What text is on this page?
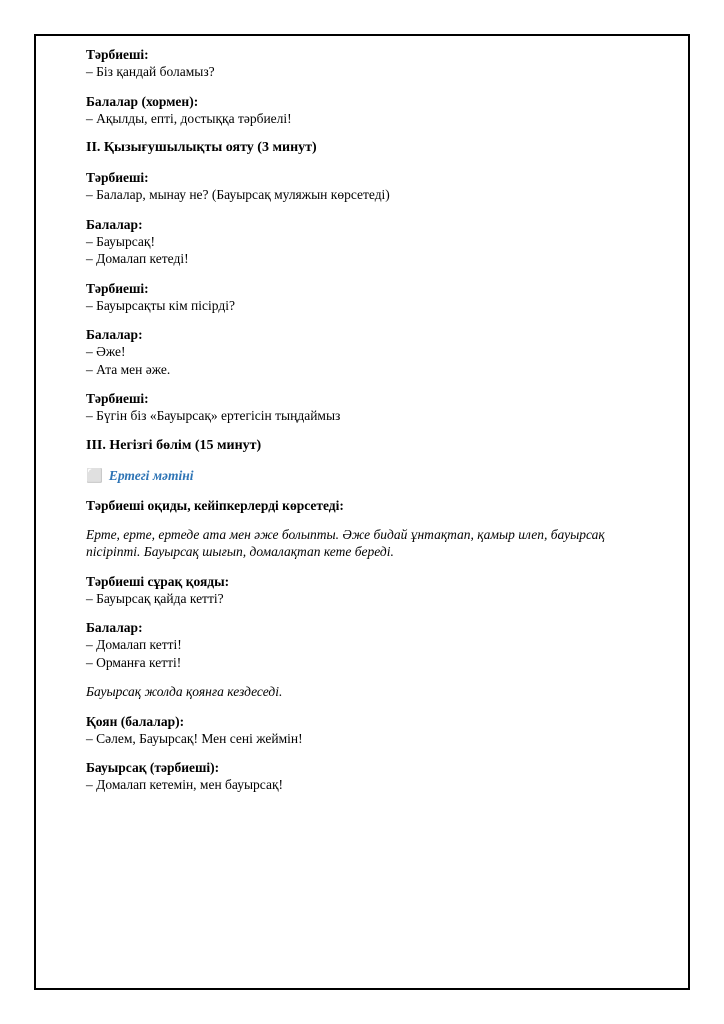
Тәрбиеші:
– Біз қандай боламыз?
Балалар (хормен):
– Ақылды, епті, достыққа тәрбиелі!
II. Қызығушылықты ояту (3 минут)
Тәрбиеші:
– Балалар, мынау не? (Бауырсақ муляжын көрсетеді)
Балалар:
– Бауырсақ!
– Домалап кетеді!
Тәрбиеші:
– Бауырсақты кім пісірді?
Балалар:
– Әже!
– Ата мен әже.
Тәрбиеші:
– Бүгін біз «Бауырсақ» ертегісін тыңдаймыз
III. Негізгі бөлім (15 минут)
⬜ Ертегі мәтіні
Тәрбиеші оқиды, кейіпкерлерді көрсетеді:
Ерте, ерте, ертеде ата мен әже болыпты. Әже бидай ұнтақтап, қамыр илеп, бауырсақ пісіріпті. Бауырсақ шығып, домалақтап кете береді.
Тәрбиеші сұрақ қояды:
– Бауырсақ қайда кетті?
Балалар:
– Домалап кетті!
– Орманға кетті!
Бауырсақ жолда қоянға кездеседі.
Қоян (балалар):
– Сәлем, Бауырсақ! Мен сені жеймін!
Бауырсақ (тәрбиеші):
– Домалап кетемін, мен бауырсақ!
